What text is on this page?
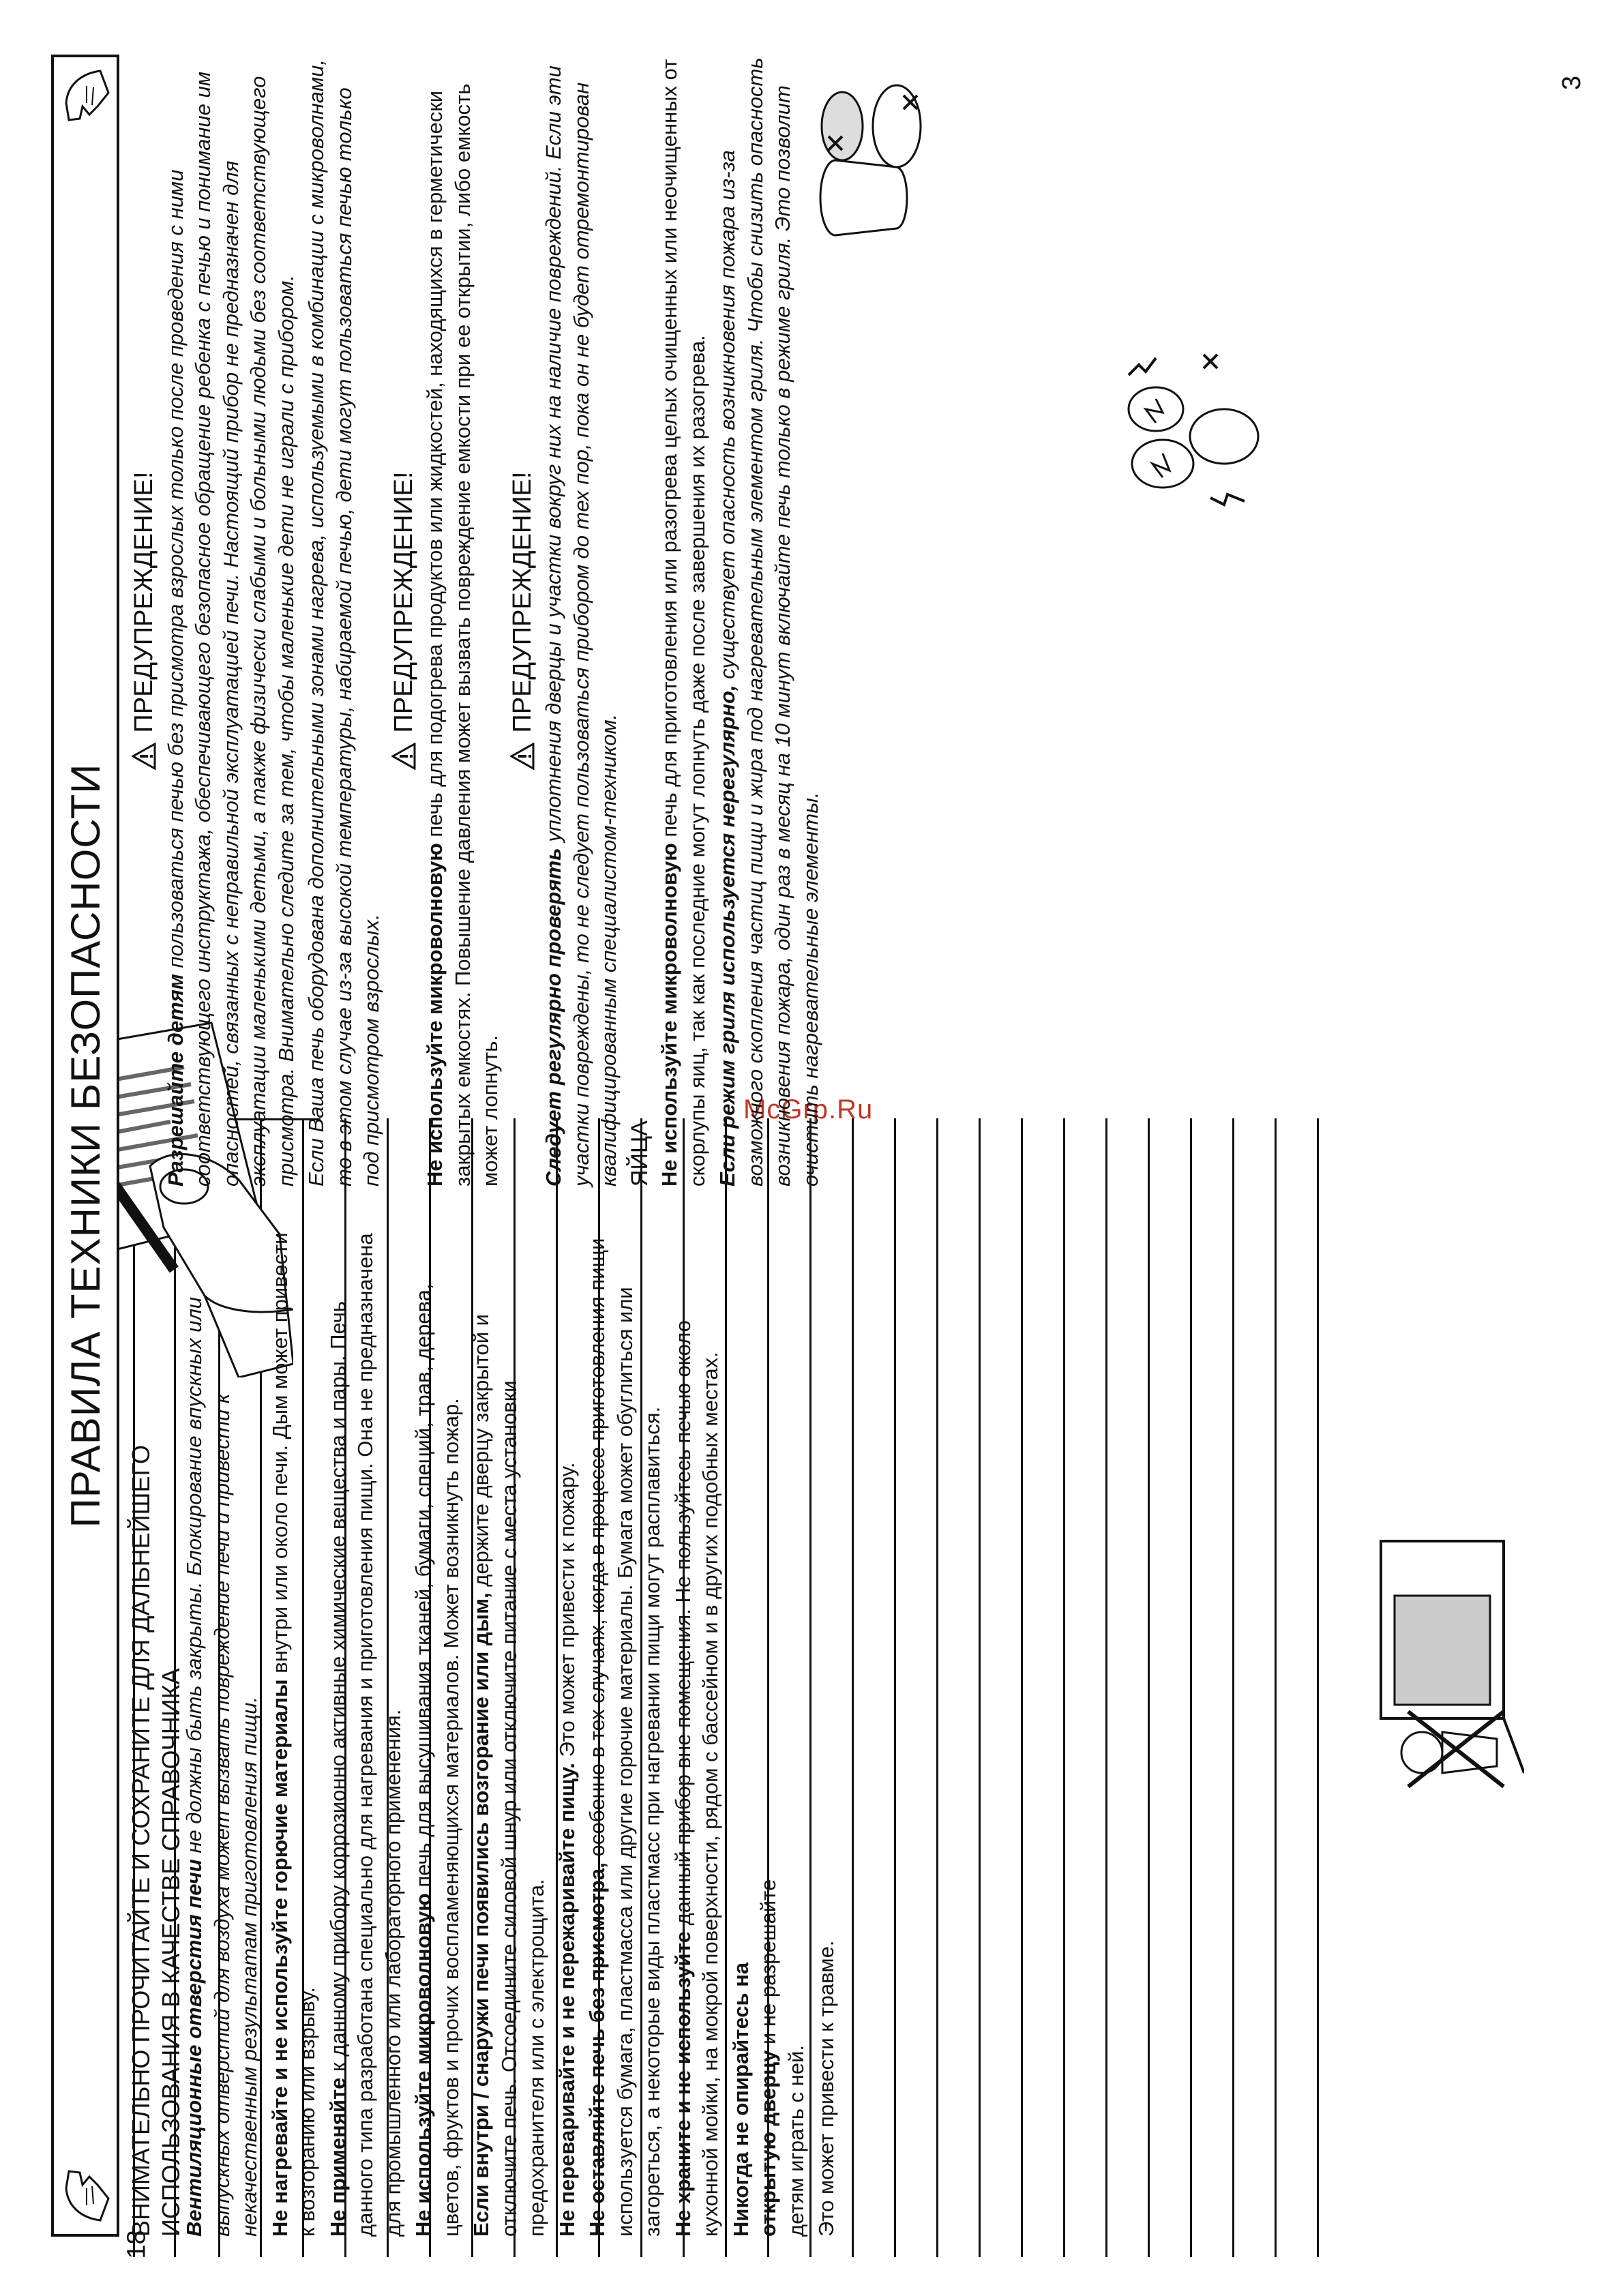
18
3
McGrp.Ru
ПРАВИЛА ТЕХНИКИ БЕЗОПАСНОСТИ
ВНИМАТЕЛЬНО ПРОЧИТАЙТЕ И СОХРАНИТЕ ДЛЯ ДАЛЬНЕЙШЕГО ИСПОЛЬЗОВАНИЯ В КАЧЕСТВЕ СПРАВОЧНИКА

Вентиляционные отверстия печи не должны быть закрыты. Блокирование впускных или выпускных отверстий для воздуха может вызвать повреждение печи и привести к некачественным результатам приготовления пищи. Не нагревайте и не используйте горючие материалы внутри или около печи. Дым может привести к возгоранию или взрыву. Не применяйте к данному прибору коррозионно активные химические вещества и пары. Печь данного типа разработана специально для нагревания и приготовления пищи. Она не предназначена для промышленного или лабораторного применения. Не используйте микроволновую печь для высушивания тканей, бумаги, специй, трав, дерева, цветов, фруктов и прочих воспламеняющихся материалов. Может возникнуть пожар. Если внутри / снаружи печи появились возгорание или дым, держите дверцу закрытой и отключите печь. Отсоедините силовой шнур или отключите питание с места установки предохранителя или с электрощита. Не переваривайте и не пережаривайте пищу. Это может привести к пожару.

Не оставляйте печь без присмотра, особенно в тех случаях, когда в процессе приготовления пищи используется бумага, пластмасса или другие горючие материалы. Бумага может обуглиться или загореться, а некоторые виды пластмасс при нагревании пищи могут расплавиться. Не храните и не используйте данный прибор вне помещения. Не пользуйтесь печью около кухонной мойки, на мокрой поверхности, рядом с бассейном и в других подобных местах. Никогда не опирайтесь на открытую дверцу и не разрешайте детям играть с ней. Это может привести к травме.

ПРЕДУПРЕЖДЕНИЕ!

Разрешайте детям пользоваться печью без присмотра взрослых только после проведения с ними соответствующего инструктажа, обеспечивающего безопасное обращение ребенка с печью и понимание им опасностей, связанных с неправильной эксплуатацией печи. Настоящий прибор не предназначен для эксплуатации маленькими детьми, а также физически слабыми и больными людьми без соответствующего присмотра. Внимательно следите за тем, чтобы маленькие дети не играли с прибором. Если Ваша печь оборудована дополнительными зонами нагрева, используемыми в комбинации с микроволнами, то в этом случае из-за высокой температуры, набираемой печью, дети могут пользоваться печью только под присмотром взрослых.

ПРЕДУПРЕЖДЕНИЕ!

Не используйте микроволновую печь для подогрева продуктов или жидкостей, находящихся в герметически закрытых емкостях. Повышение давления может вызвать повреждение емкости при ее открытии, либо емкость может лопнуть.

ПРЕДУПРЕЖДЕНИЕ!

Следует регулярно проверять уплотнения дверцы и участки вокруг них на наличие повреждений. Если эти участки повреждены, то не следует пользоваться прибором до тех пор, пока он не будет отремонтирован квалифицированным специалистом-техником. ЯЙЦА Не используйте микроволновую печь для приготовления или разогрева целых очищенных или неочищенных от скорлупы яиц, так как последние могут лопнуть даже после завершения их разогрева. Если режим гриля используется нерегулярно, существует опасность возникновения пожара из-за возможного скопления частиц пищи и жира под нагревательным элементом гриля. Чтобы снизить опасность возникновения пожара, один раз в месяц на 10 минут включайте печь только в режиме гриля. Это позволит очистить нагревательные элементы.
